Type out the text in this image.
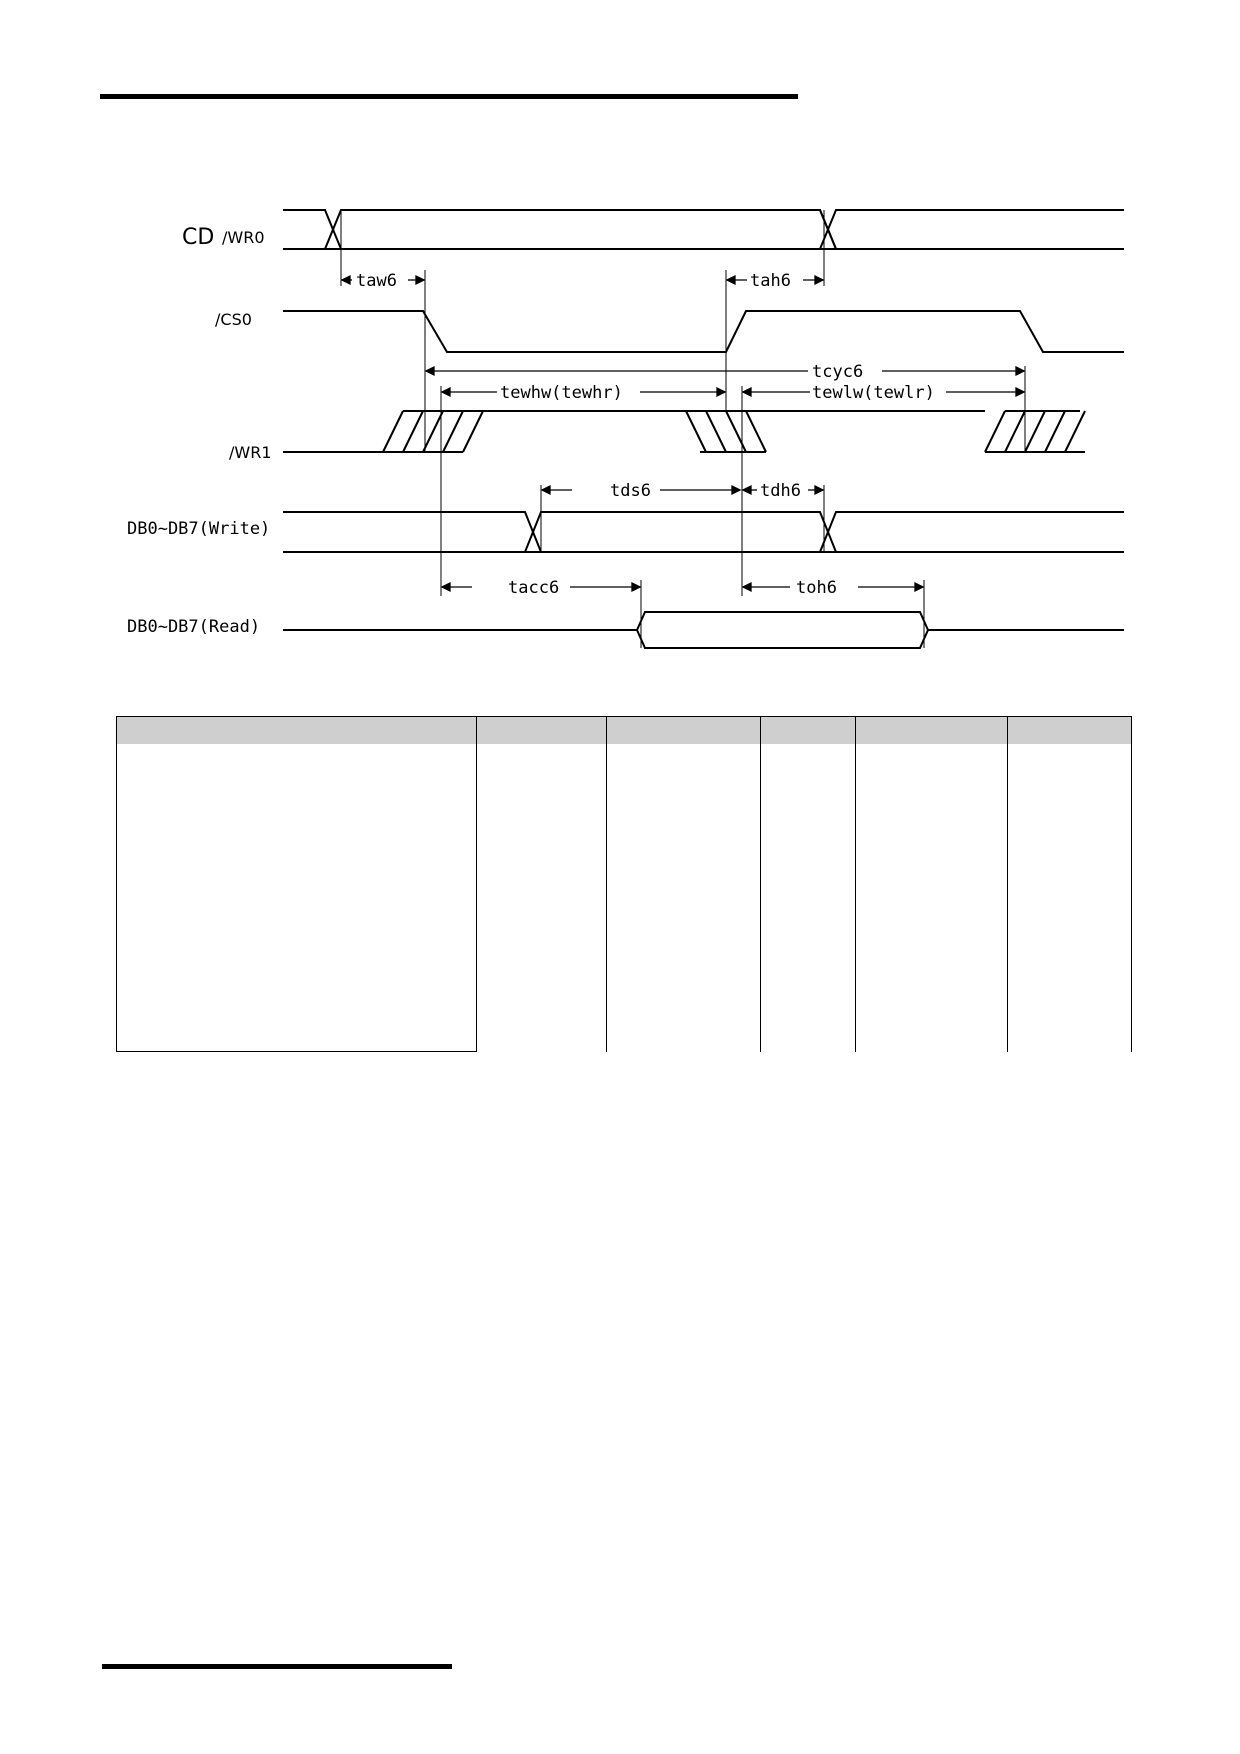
CD /WR0
/CS0
/WR1
DB0~DB7(Write)
DB0~DB7(Read)
taw6	tah6
tcyc6
tewhw(tewhr)	tewlw(tewlr)
tds6	tdh6
tacc6	toh6
